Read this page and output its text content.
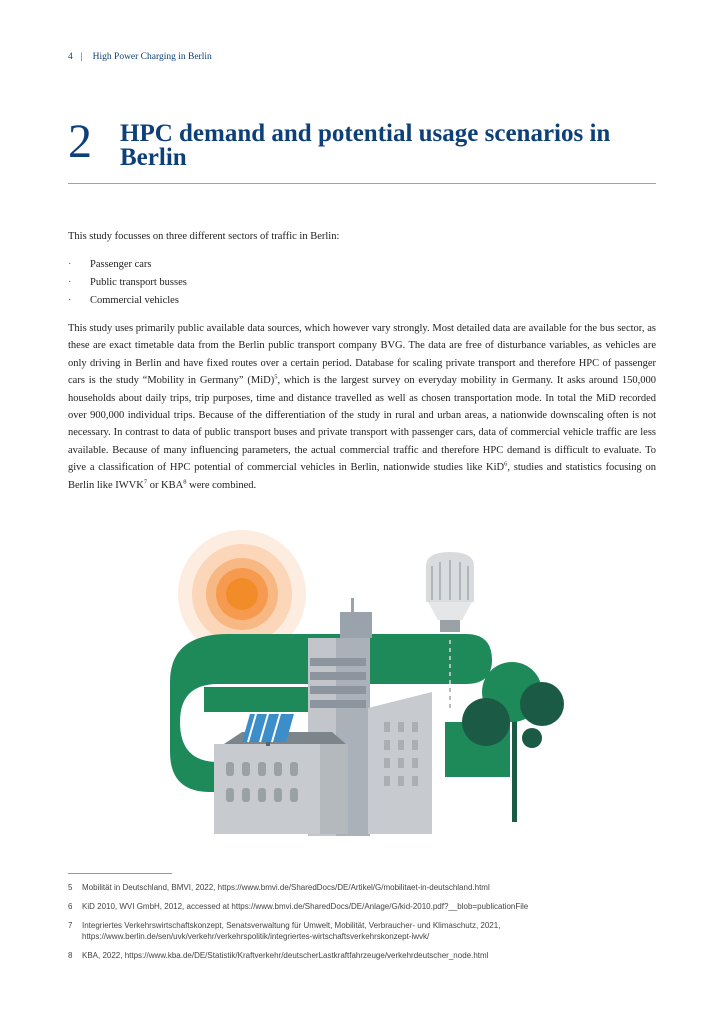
4 | High Power Charging in Berlin
2 HPC demand and potential usage scenarios in Berlin
This study focusses on three different sectors of traffic in Berlin:
· Passenger cars
· Public transport busses
· Commercial vehicles
This study uses primarily public available data sources, which however vary strongly. Most detailed data are available for the bus sector, as these are exact timetable data from the Berlin public transport company BVG. The data are free of disturbance variables, as vehicles are only driving in Berlin and have fixed routes over a certain period. Database for scaling private transport and therefore HPC of passenger cars is the study “Mobility in Germany” (MiD)$^5$, which is the largest survey on everyday mobility in Germany. It asks around 150,000 households about daily trips, trip purposes, time and distance travelled as well as chosen transportation mode. In total the MiD recorded over 900,000 individual trips. Because of the differentiation of the study in rural and urban areas, a nationwide downscaling often is not necessary. In contrast to data of public transport buses and private transport with passenger cars, data of commercial vehicle traffic are less available. Because of many influencing parameters, the actual commercial traffic and therefore HPC demand is difficult to evaluate. To give a classification of HPC potential of commercial vehicles in Berlin, nationwide studies like KiD$^6$, studies and statistics focusing on Berlin like IWVK$^7$ or KBA$^8$ were combined.
5 Mobilität in Deutschland, BMVI, 2022, https://www.bmvi.de/SharedDocs/DE/Artikel/G/mobilitaet-in-deutschland.html
6 KiD 2010, WVI GmbH, 2012, accessed at https://www.bmvi.de/SharedDocs/DE/Anlage/G/kid-2010.pdf?__blob=publicationFile
7 Integriertes Verkehrswirtschaftskonzept, Senatsverwaltung für Umwelt, Mobilität, Verbraucher- und Klimaschutz, 2021, https://www.berlin.de/sen/uvk/verkehr/verkehrspolitik/integriertes-wirtschaftsverkehrskonzept-iwvk/
8 KBA, 2022, https://www.kba.de/DE/Statistik/Kraftverkehr/deutscherLastkraftfahrzeuge/verkehrdeutscher_node.html
